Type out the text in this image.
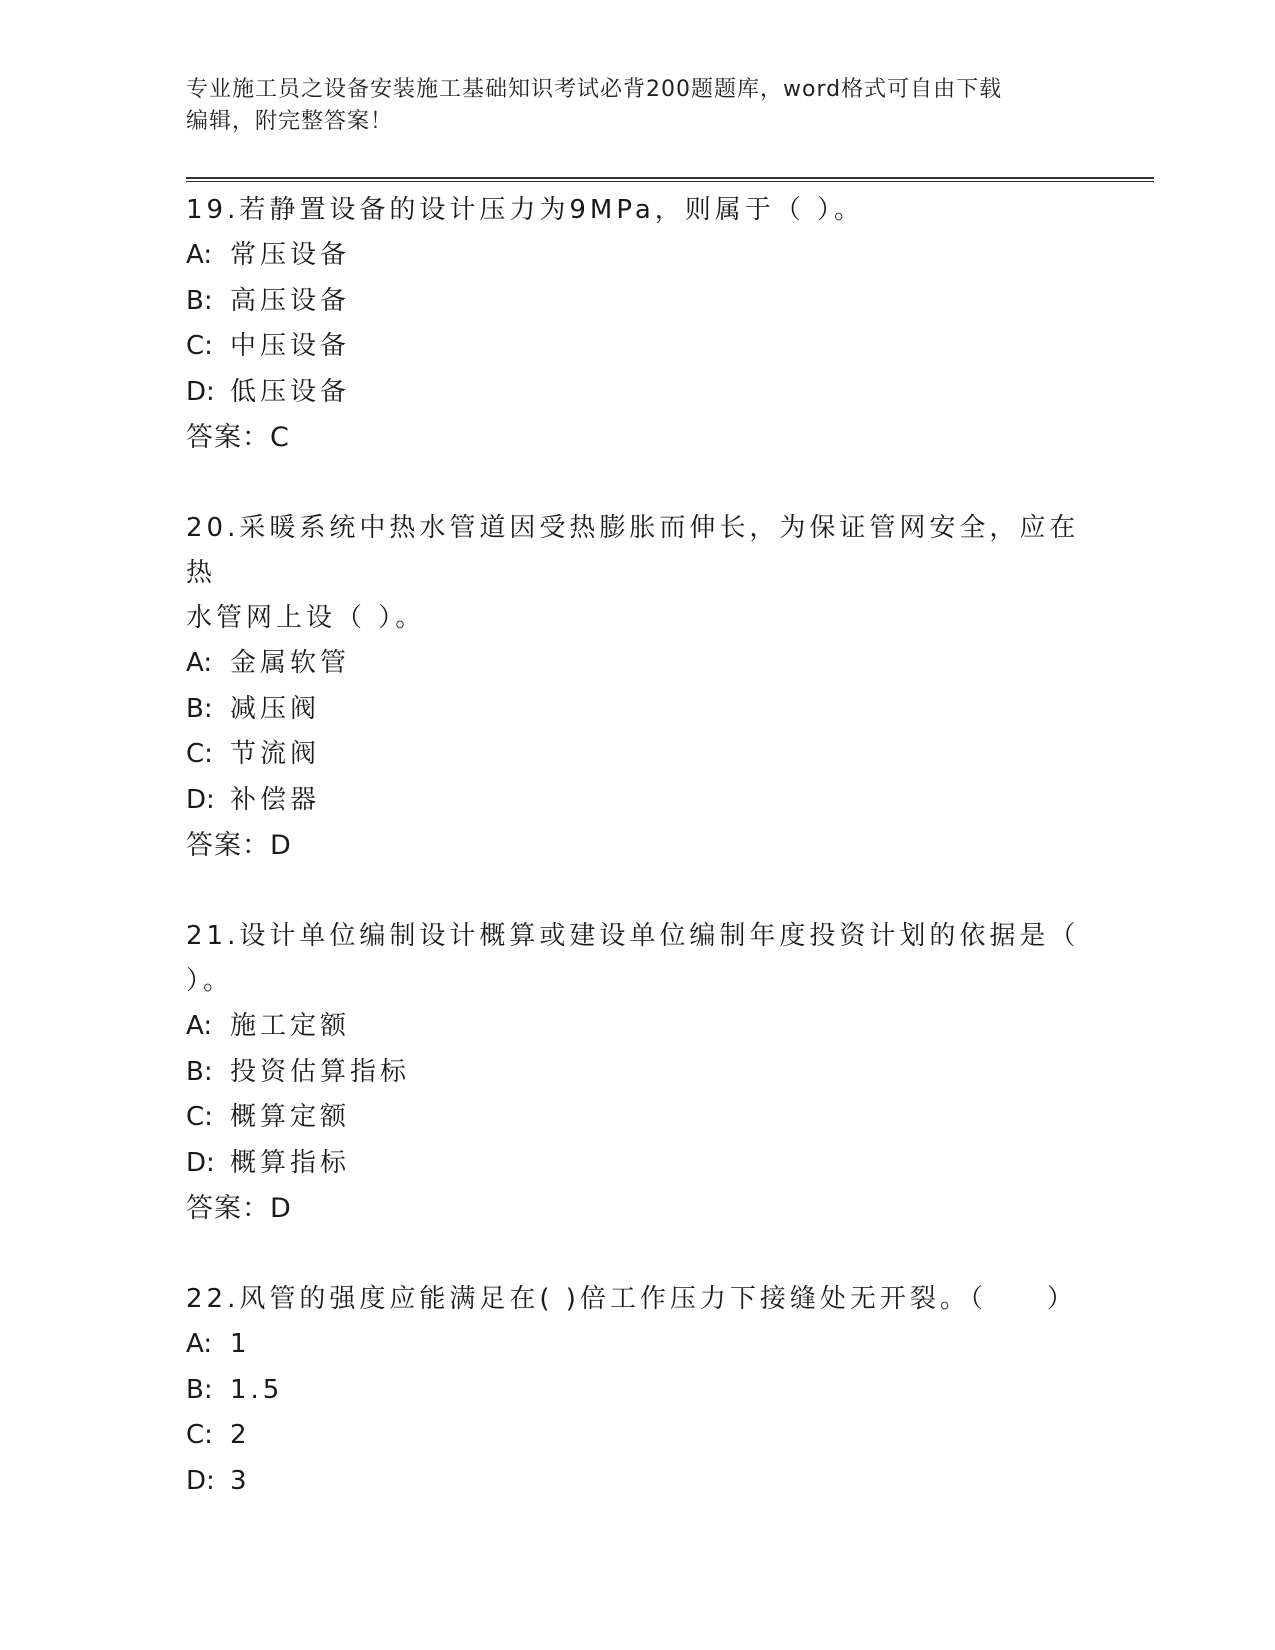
专业施工员之设备安装施工基础知识考试必背200题题库，word格式可自由下载
编辑，附完整答案！

19.若静置设备的设计压力为9MPa，则属于（ ）。

A: 常压设备

B: 高压设备

C: 中压设备

D: 低压设备

答案：C

20.采暖系统中热水管道因受热膨胀而伸长，为保证管网安全，应在热

水管网上设（ ）。

A: 金属软管

B: 减压阀

C: 节流阀

D: 补偿器

答案：D

21.设计单位编制设计概算或建设单位编制年度投资计划的依据是（

）。

A: 施工定额

B: 投资估算指标

C: 概算定额

D: 概算指标

答案：D

22.风管的强度应能满足在( )倍工作压力下接缝处无开裂。（　　）

A: 1

B: 1.5

C: 2

D: 3
